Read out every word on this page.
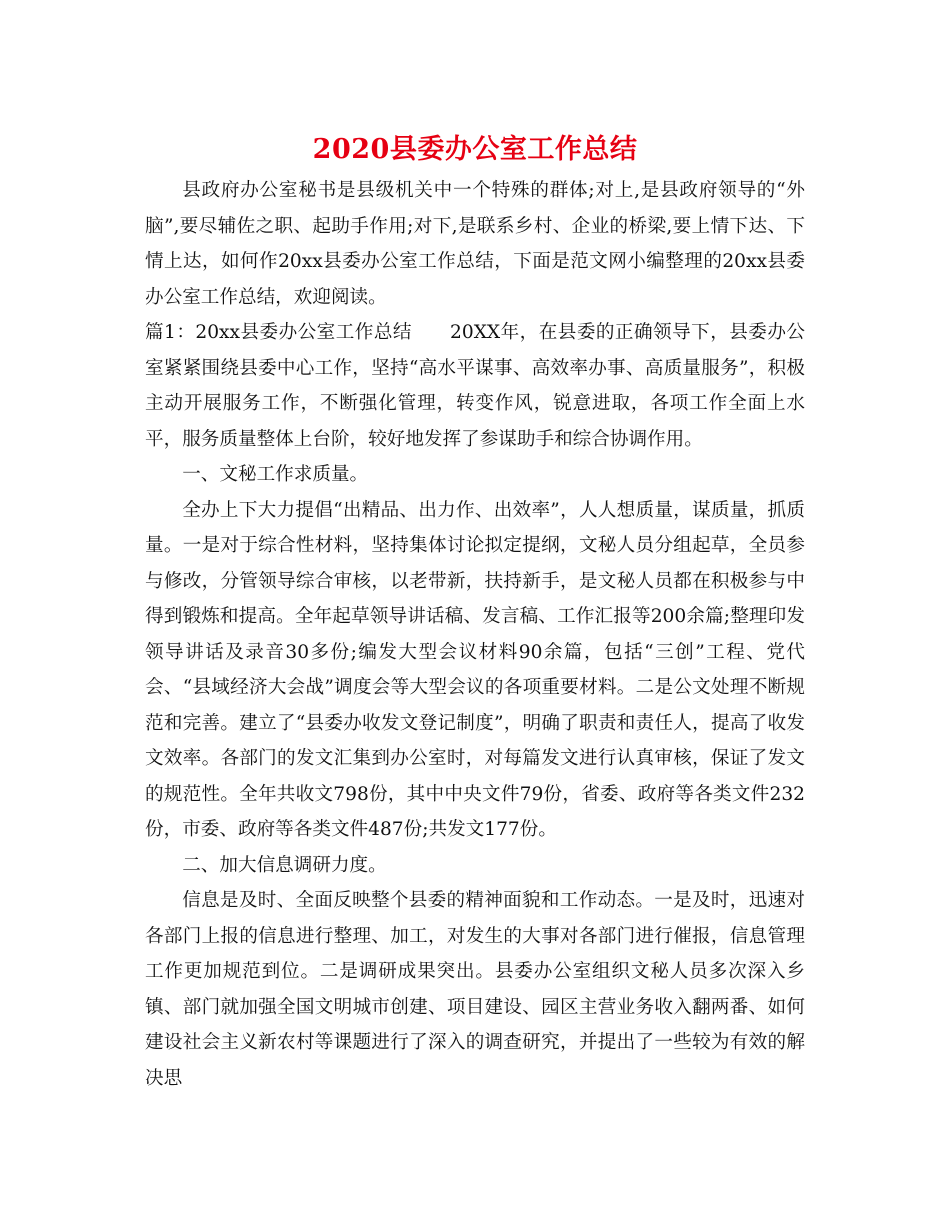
2020县委办公室工作总结

县政府办公室秘书是县级机关中一个特殊的群体;对上,是县政府领导的“外脑”,要尽辅佐之职、起助手作用;对下,是联系乡村、企业的桥梁,要上情下达、下情上达，如何作20xx县委办公室工作总结，下面是范文网小编整理的20xx县委办公室工作总结，欢迎阅读。

篇1：20xx县委办公室工作总结　　20XX年，在县委的正确领导下，县委办公室紧紧围绕县委中心工作，坚持“高水平谋事、高效率办事、高质量服务”，积极主动开展服务工作，不断强化管理，转变作风，锐意进取，各项工作全面上水平，服务质量整体上台阶，较好地发挥了参谋助手和综合协调作用。

一、文秘工作求质量。

全办上下大力提倡“出精品、出力作、出效率”，人人想质量，谋质量，抓质量。一是对于综合性材料，坚持集体讨论拟定提纲，文秘人员分组起草，全员参与修改，分管领导综合审核，以老带新，扶持新手，是文秘人员都在积极参与中得到锻炼和提高。全年起草领导讲话稿、发言稿、工作汇报等200余篇;整理印发领导讲话及录音30多份;编发大型会议材料90余篇，包括“三创”工程、党代会、“县域经济大会战”调度会等大型会议的各项重要材料。二是公文处理不断规范和完善。建立了“县委办收发文登记制度”，明确了职责和责任人，提高了收发文效率。各部门的发文汇集到办公室时，对每篇发文进行认真审核，保证了发文的规范性。全年共收文798份，其中中央文件79份，省委、政府等各类文件232份，市委、政府等各类文件487份;共发文177份。

二、加大信息调研力度。

信息是及时、全面反映整个县委的精神面貌和工作动态。一是及时，迅速对各部门上报的信息进行整理、加工，对发生的大事对各部门进行催报，信息管理工作更加规范到位。二是调研成果突出。县委办公室组织文秘人员多次深入乡镇、部门就加强全国文明城市创建、项目建设、园区主营业务收入翻两番、如何建设社会主义新农村等课题进行了深入的调查研究，并提出了一些较为有效的解决思
